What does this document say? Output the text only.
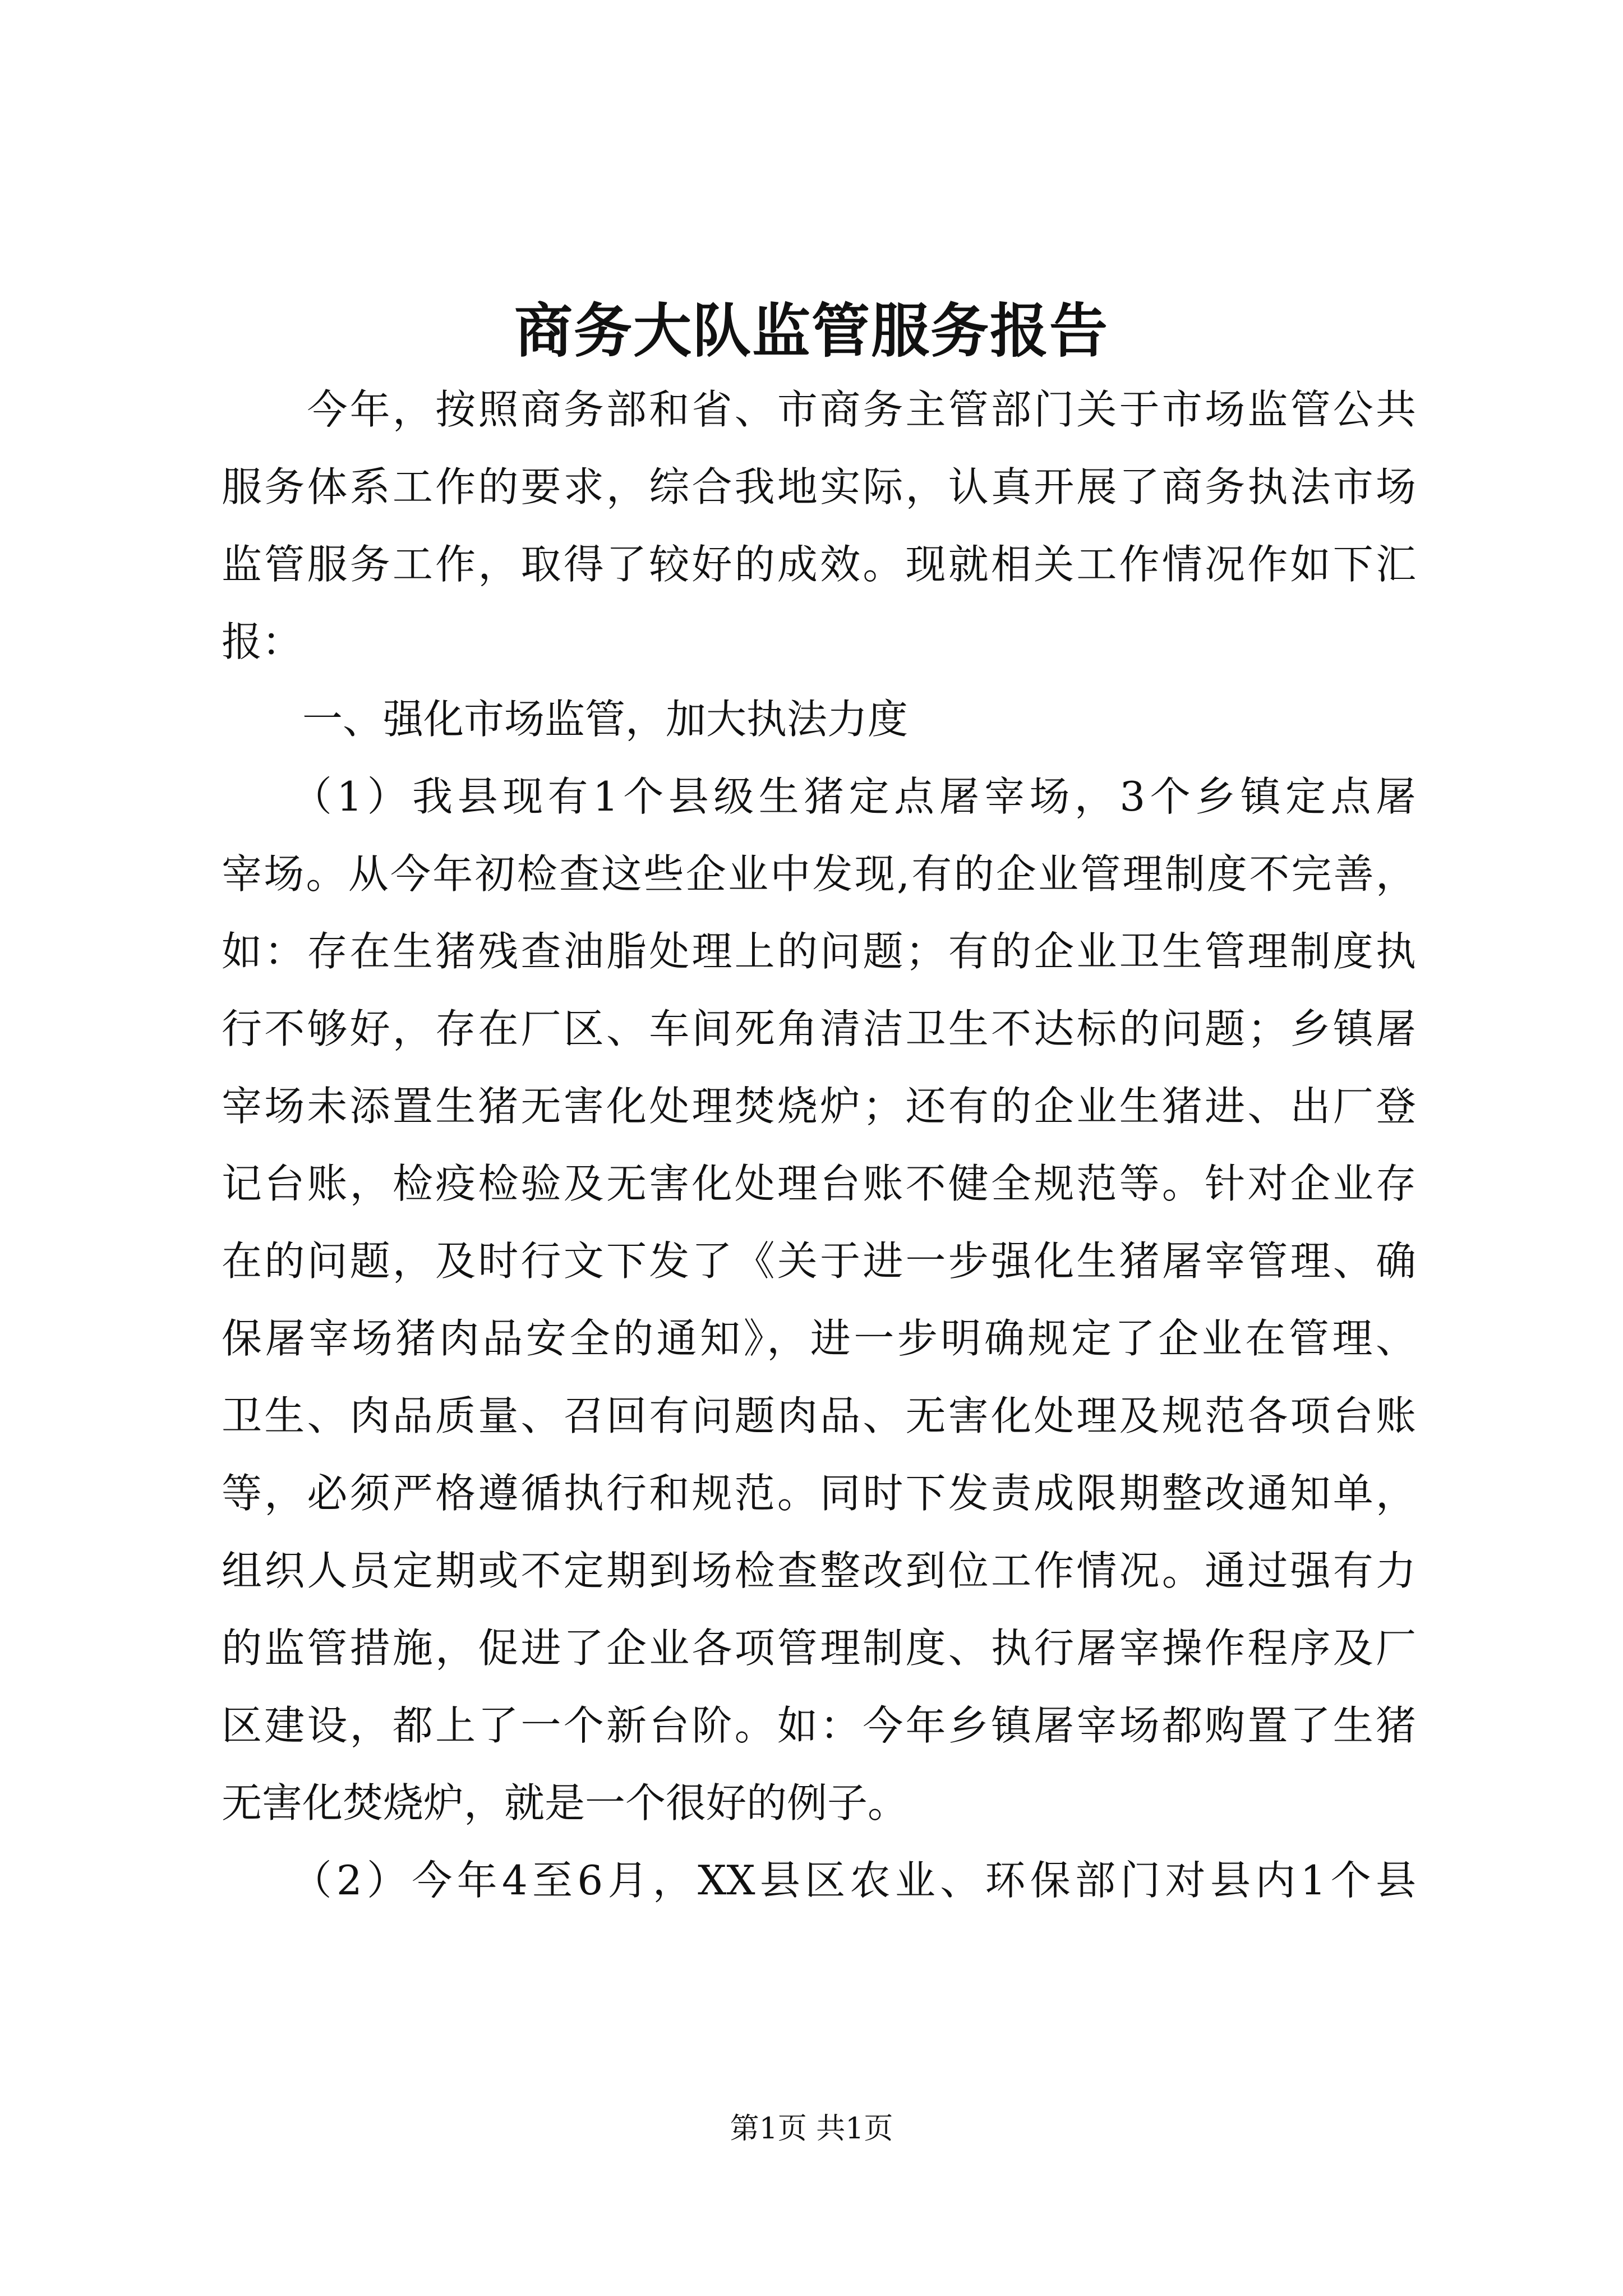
商务大队监管服务报告

　　今年，按照商务部和省、市商务主管部门关于市场监管公共

服务体系工作的要求，综合我地实际，认真开展了商务执法市场

监管服务工作，取得了较好的成效。现就相关工作情况作如下汇

报：

　　一、强化市场监管，加大执法力度

　　（1）我县现有1个县级生猪定点屠宰场，3个乡镇定点屠

宰场。从今年初检查这些企业中发现,有的企业管理制度不完善，

如：存在生猪残查油脂处理上的问题；有的企业卫生管理制度执

行不够好，存在厂区、车间死角清洁卫生不达标的问题；乡镇屠

宰场未添置生猪无害化处理焚烧炉；还有的企业生猪进、出厂登

记台账，检疫检验及无害化处理台账不健全规范等。针对企业存

在的问题，及时行文下发了《关于进一步强化生猪屠宰管理、确

保屠宰场猪肉品安全的通知》，进一步明确规定了企业在管理、

卫生、肉品质量、召回有问题肉品、无害化处理及规范各项台账

等，必须严格遵循执行和规范。同时下发责成限期整改通知单，

组织人员定期或不定期到场检查整改到位工作情况。通过强有力

的监管措施，促进了企业各项管理制度、执行屠宰操作程序及厂

区建设，都上了一个新台阶。如：今年乡镇屠宰场都购置了生猪

无害化焚烧炉，就是一个很好的例子。

　　（2）今年4至6月，XX县区农业、环保部门对县内1个县

第1页 共1页
